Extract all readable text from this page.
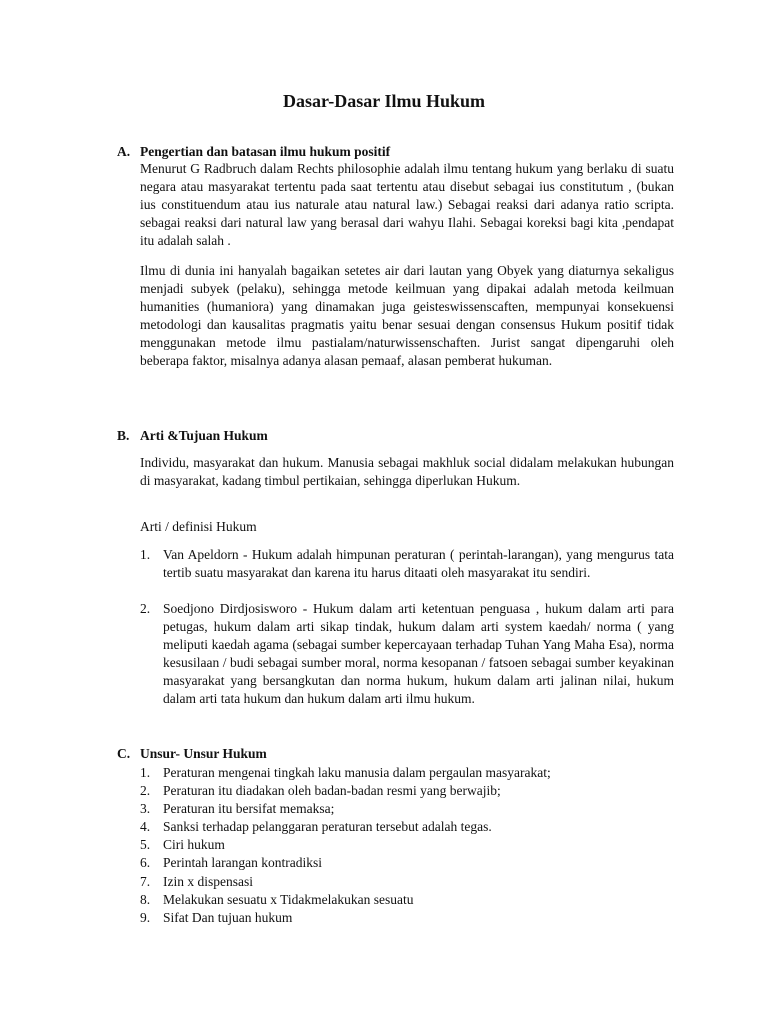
Dasar-Dasar Ilmu Hukum
A. Pengertian dan batasan ilmu hukum positif

Menurut G Radbruch dalam Rechts philosophie adalah ilmu tentang hukum yang berlaku di suatu negara atau masyarakat tertentu pada saat tertentu atau disebut sebagai ius constitutum , (bukan ius constituendum atau ius naturale atau natural law.) Sebagai reaksi dari adanya ratio scripta. sebagai reaksi dari natural law yang berasal dari wahyu Ilahi. Sebagai koreksi bagi kita ,pendapat itu adalah salah .

Ilmu di dunia ini hanyalah bagaikan setetes air dari lautan yang Obyek yang diaturnya sekaligus menjadi subyek (pelaku), sehingga metode keilmuan yang dipakai adalah metoda keilmuan humanities (humaniora) yang dinamakan juga geisteswissenscaften, mempunyai konsekuensi metodologi dan kausalitas pragmatis yaitu benar sesuai dengan consensus Hukum positif tidak menggunakan metode ilmu pastialam/naturwissenschaften. Jurist sangat dipengaruhi oleh beberapa faktor, misalnya adanya alasan pemaaf, alasan pemberat hukuman.

B. Arti &Tujuan Hukum

Individu, masyarakat dan hukum. Manusia sebagai makhluk social didalam melakukan hubungan di masyarakat, kadang timbul pertikaian, sehingga diperlukan Hukum.

Arti / definisi Hukum

1. Van Apeldorn - Hukum adalah himpunan peraturan ( perintah-larangan), yang mengurus tata tertib suatu masyarakat dan karena itu harus ditaati oleh masyarakat itu sendiri.
2. Soedjono Dirdjosisworo - Hukum dalam arti ketentuan penguasa , hukum dalam arti para petugas, hukum dalam arti sikap tindak, hukum dalam arti system kaedah/ norma ( yang meliputi kaedah agama (sebagai sumber kepercayaan terhadap Tuhan Yang Maha Esa), norma kesusilaan / budi sebagai sumber moral, norma kesopanan / fatsoen sebagai sumber keyakinan masyarakat yang bersangkutan dan norma hukum, hukum dalam arti jalinan nilai, hukum dalam arti tata hukum dan hukum dalam arti ilmu hukum.
C. Unsur- Unsur Hukum
1. Peraturan mengenai tingkah laku manusia dalam pergaulan masyarakat;
2. Peraturan itu diadakan oleh badan-badan resmi yang berwajib;
3. Peraturan itu bersifat memaksa;
4. Sanksi terhadap pelanggaran peraturan tersebut adalah tegas.
5. Ciri hukum
6. Perintah larangan kontradiksi
7. Izin x dispensasi
8. Melakukan sesuatu x Tidakmelakukan sesuatu
9. Sifat Dan tujuan hukum
